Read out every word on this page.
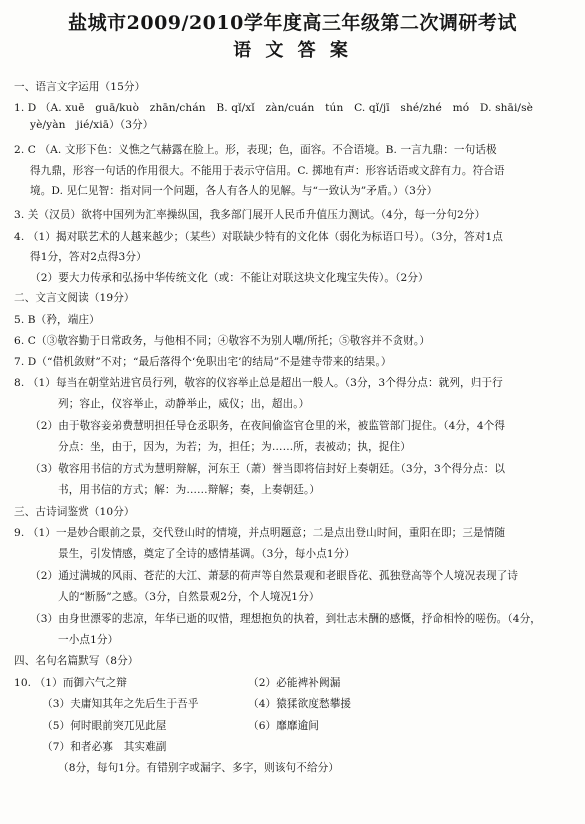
盐城市2009/2010学年度高三年级第二次调研考试
语 文 答 案
一、语言文字运用（15分）
1. D （A. xuē　guā/kuò　zhān/chán　B. qǐ/xǐ　zàn/cuán　tún　C. qǐ/jī　shé/zhé　mó　D. shāi/sè
yè/yàn　jié/xiā）（3分）
2. C （A. 文形下色：义憔之气赫露在脸上。形，表现；色，面容。不合语境。B. 一言九鼎：一句话极
得九鼎，形容一句话的作用很大。不能用于表示守信用。C. 掷地有声：形容话语或文辞有力。符合语
境。D. 见仁见智：指对同一个问题，各人有各人的见解。与“一致认为”矛盾。）（3分）
3. 关（汉员）欲将中国列为汇率操纵国，我多部门展开人民币升值压力测试。（4分，每一分句2分）
4. （1）揭对联艺术的人越来越少；（某些）对联缺少特有的文化体（弱化为标语口号）。（3分，答对1点
得1分，答对2点得3分）
（2）要大力传承和弘扬中华传统文化（或：不能让对联这块文化瑰宝失传）。（2分）
二、文言文阅读（19分）
5. B（矜，端庄）
6. C（③敬容勤于日常政务，与他相不同；④敬容不为别人嘲/所托；⑤敬容并不贪财。）
7. D（“借机敛财”不对；“最后落得个‘免职出宅’的结局”不是建寺带来的结果。）
8. （1）每当在朝堂站进官员行列，敬容的仪容举止总是超出一般人。（3分，3个得分点：就列，归于行
列；容止，仪容举止，动静举止，威仪；出，超出。）
（2）由于敬容妾弟费慧明担任导仓丞职务，在夜间偷盗官仓里的米，被监管部门捉住。（4分，4个得
分点：坐，由于，因为，为若；为，担任；为……所，表被动；执，捉住）
（3）敬容用书信的方式为慧明辩解，河东王（萧）誉当即将信封好上奏朝廷。（3分，3个得分点：以
书，用书信的方式；解：为……辩解；奏，上奏朝廷。）
三、古诗词鉴赏（10分）
9. （1）一是妙合眼前之景，交代登山时的情境，并点明题意；二是点出登山时间，重阳在即；三是情随
景生，引发情感，奠定了全诗的感情基调。（3分，每小点1分）
（2）通过满城的风雨、苍茫的大江、萧瑟的荷声等自然景观和老眼昏花、孤独登高等个人境况表现了诗
人的“断肠”之感。（3分，自然景观2分，个人境况1分）
（3）由身世漂零的悲凉，年华已逝的叹惜，理想抱负的执着，到壮志未酬的感慨，抒命相怜的嗟伤。（4分，
一小点1分）
四、名句名篇默写（8分）
10. （1）而御六气之辩	（2）必能裨补阙漏
（3）夫庸知其年之先后生于吾乎	（4）猿猱欲度愁攀援
（5）何时眼前突兀见此屋	（6）靡靡逾间
（7）和者必寡　其实难副
（8分，每句1分。有错别字或漏字、多字，则该句不给分）
